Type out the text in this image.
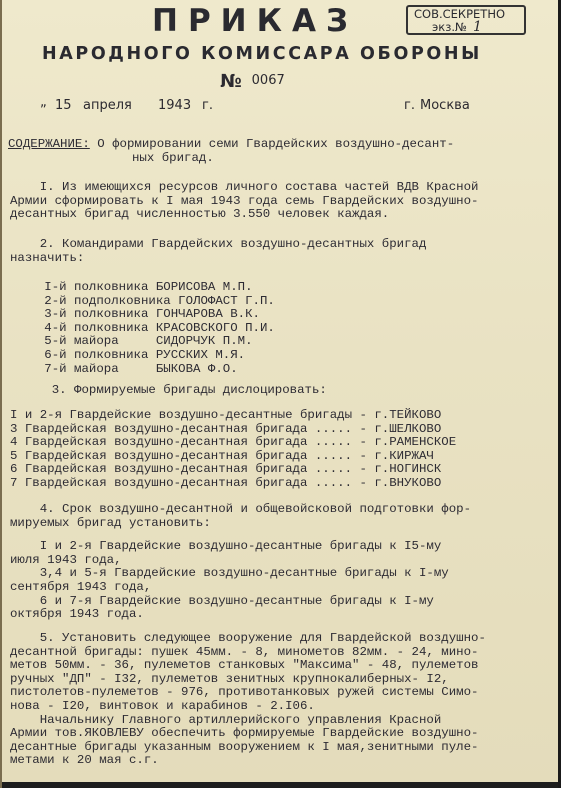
ПРИКАЗ	СОВ.СЕКРЕТНО
экз.№ 1
НАРОДНОГО КОМИССАРА ОБОРОНЫ
№ 0067
„ 15 апреля 1943 г.	г. Москва
СОДЕРЖАНИЕ: О формировании семи Гвардейских воздушно-десант-
ных бригад.
I. Из имеющихся ресурсов личного состава частей ВДВ Красной
Армии сформировать к I мая 1943 года семь Гвардейских воздушно-
десантных бригад численностью 3.550 человек каждая.
2. Командирами Гвардейских воздушно-десантных бригад
назначить:
I-й полковника БОРИСОВА М.П.
2-й подполковника ГОЛОФАСТ Г.П.
3-й полковника ГОНЧАРОВА В.К.
4-й полковника КРАСОВСКОГО П.И.
5-й майора     СИДОРЧУК П.М.
6-й полковника РУССКИХ М.Я.
7-й майора     БЫКОВА Ф.О.
3. Формируемые бригады дислоцировать:
I и 2-я Гвардейские воздушно-десантные бригады - г.ТЕЙКОВО
3 Гвардейская воздушно-десантная бригада ..... - г.ШЕЛКОВО
4 Гвардейская воздушно-десантная бригада ..... - г.РАМЕНСКОЕ
5 Гвардейская воздушно-десантная бригада ..... - г.КИРЖАЧ
6 Гвардейская воздушно-десантная бригада ..... - г.НОГИНСК
7 Гвардейская воздушно-десантная бригада ..... - г.ВНУКОВО
4. Срок воздушно-десантной и общевойсковой подготовки фор-
мируемых бригад установить:
I и 2-я Гвардейские воздушно-десантные бригады к I5-му
июля 1943 года,
3,4 и 5-я Гвардейские воздушно-десантные бригады к I-му
сентября 1943 года,
6 и 7-я Гвардейские воздушно-десантные бригады к I-му
октября 1943 года.
5. Установить следующее вооружение для Гвардейской воздушно-
десантной бригады: пушек 45мм. - 8, минометов 82мм. - 24, мино-
метов 50мм. - 36, пулеметов станковых "Максима" - 48, пулеметов
ручных "ДП" - I32, пулеметов зенитных крупнокалиберных- I2,
пистолетов-пулеметов - 976, противотанковых ружей системы Симо-
нова - I20, винтовок и карабинов - 2.I06.
Начальнику Главного артиллерийского управления Красной
Армии тов.ЯКОВЛЕВУ обеспечить формируемые Гвардейские воздушно-
десантные бригады указанным вооружением к I мая,зенитными пуле-
метами к 20 мая с.г.
